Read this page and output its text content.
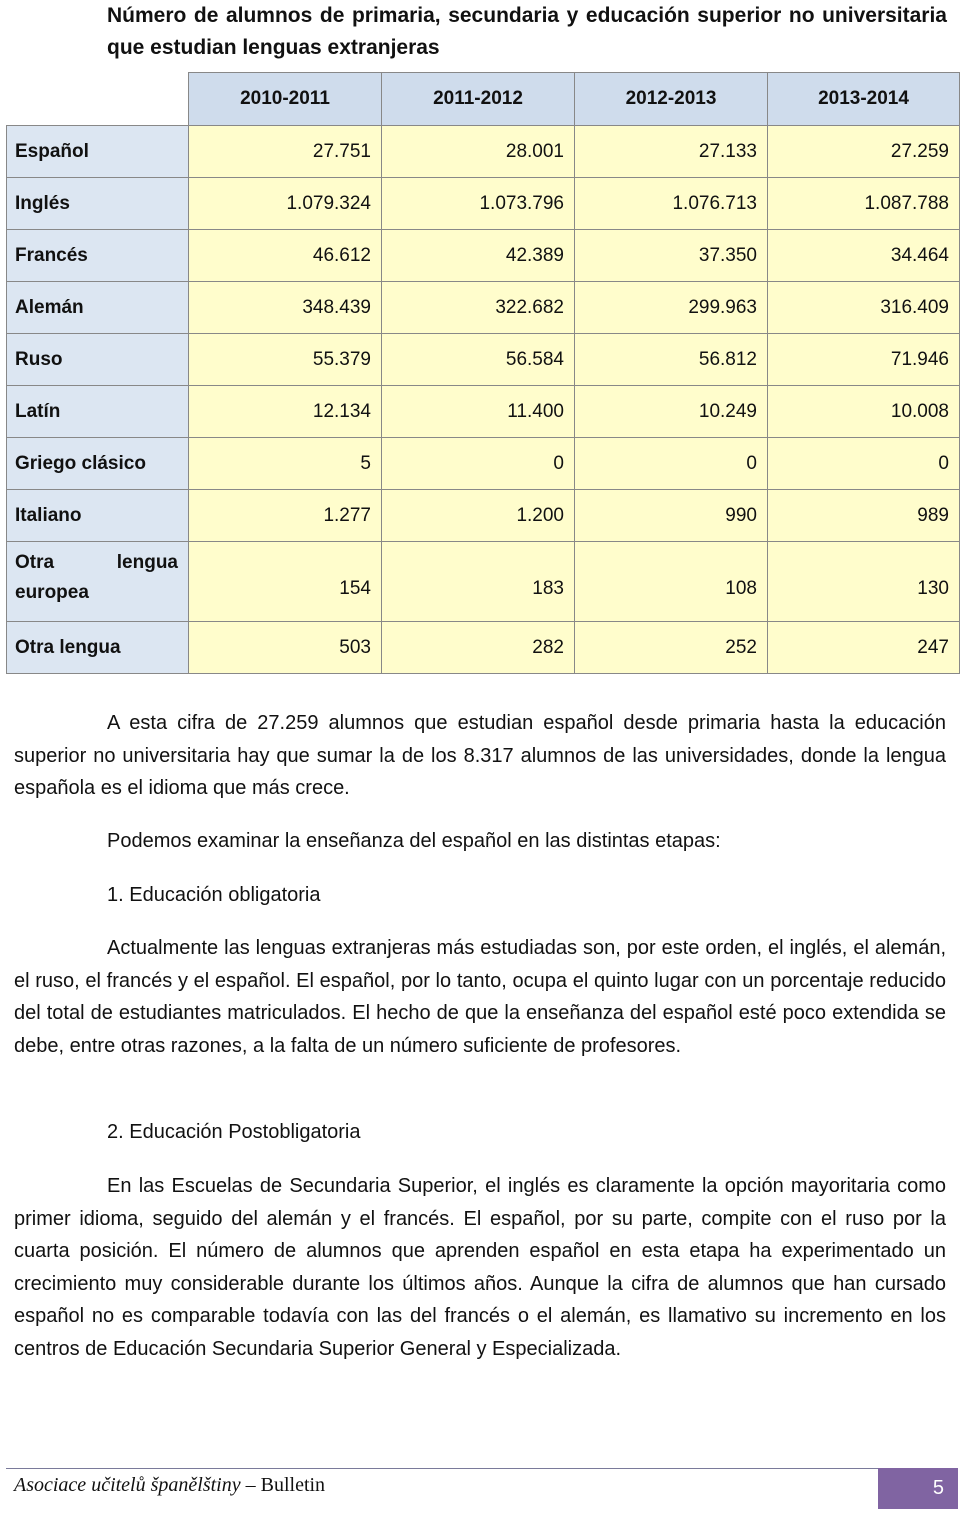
Número de alumnos de primaria, secundaria y educación superior no universitaria que estudian lenguas extranjeras
	2010-2011	2011-2012	2012-2013	2013-2014
Español	27.751	28.001	27.133	27.259
Inglés	1.079.324	1.073.796	1.076.713	1.087.788
Francés	46.612	42.389	37.350	34.464
Alemán	348.439	322.682	299.963	316.409
Ruso	55.379	56.584	56.812	71.946
Latín	12.134	11.400	10.249	10.008
Griego clásico	5	0	0	0
Italiano	1.277	1.200	990	989
Otra lengua europea	154	183	108	130
Otra lengua	503	282	252	247
A esta cifra de 27.259 alumnos que estudian español desde primaria hasta la educación superior no universitaria hay que sumar la de los 8.317 alumnos de las universidades, donde la lengua española es el idioma que más crece.
Podemos examinar la enseñanza del español en las distintas etapas:
1. Educación obligatoria
Actualmente las lenguas extranjeras más estudiadas son, por este orden, el inglés, el alemán, el ruso, el francés y el español. El español, por lo tanto, ocupa el quinto lugar con un porcentaje reducido del total de estudiantes matriculados. El hecho de que la enseñanza del español esté poco extendida se debe, entre otras razones, a la falta de un número suficiente de profesores.
2. Educación Postobligatoria
En las Escuelas de Secundaria Superior, el inglés es claramente la opción mayoritaria como primer idioma, seguido del alemán y el francés. El español, por su parte, compite con el ruso por la cuarta posición. El número de alumnos que aprenden español en esta etapa ha experimentado un crecimiento muy considerable durante los últimos años. Aunque la cifra de alumnos que han cursado español no es comparable todavía con las del francés o el alemán, es llamativo su incremento en los centros de Educación Secundaria Superior General y Especializada.
Asociace učitelů španělštiny – Bulletin	5
